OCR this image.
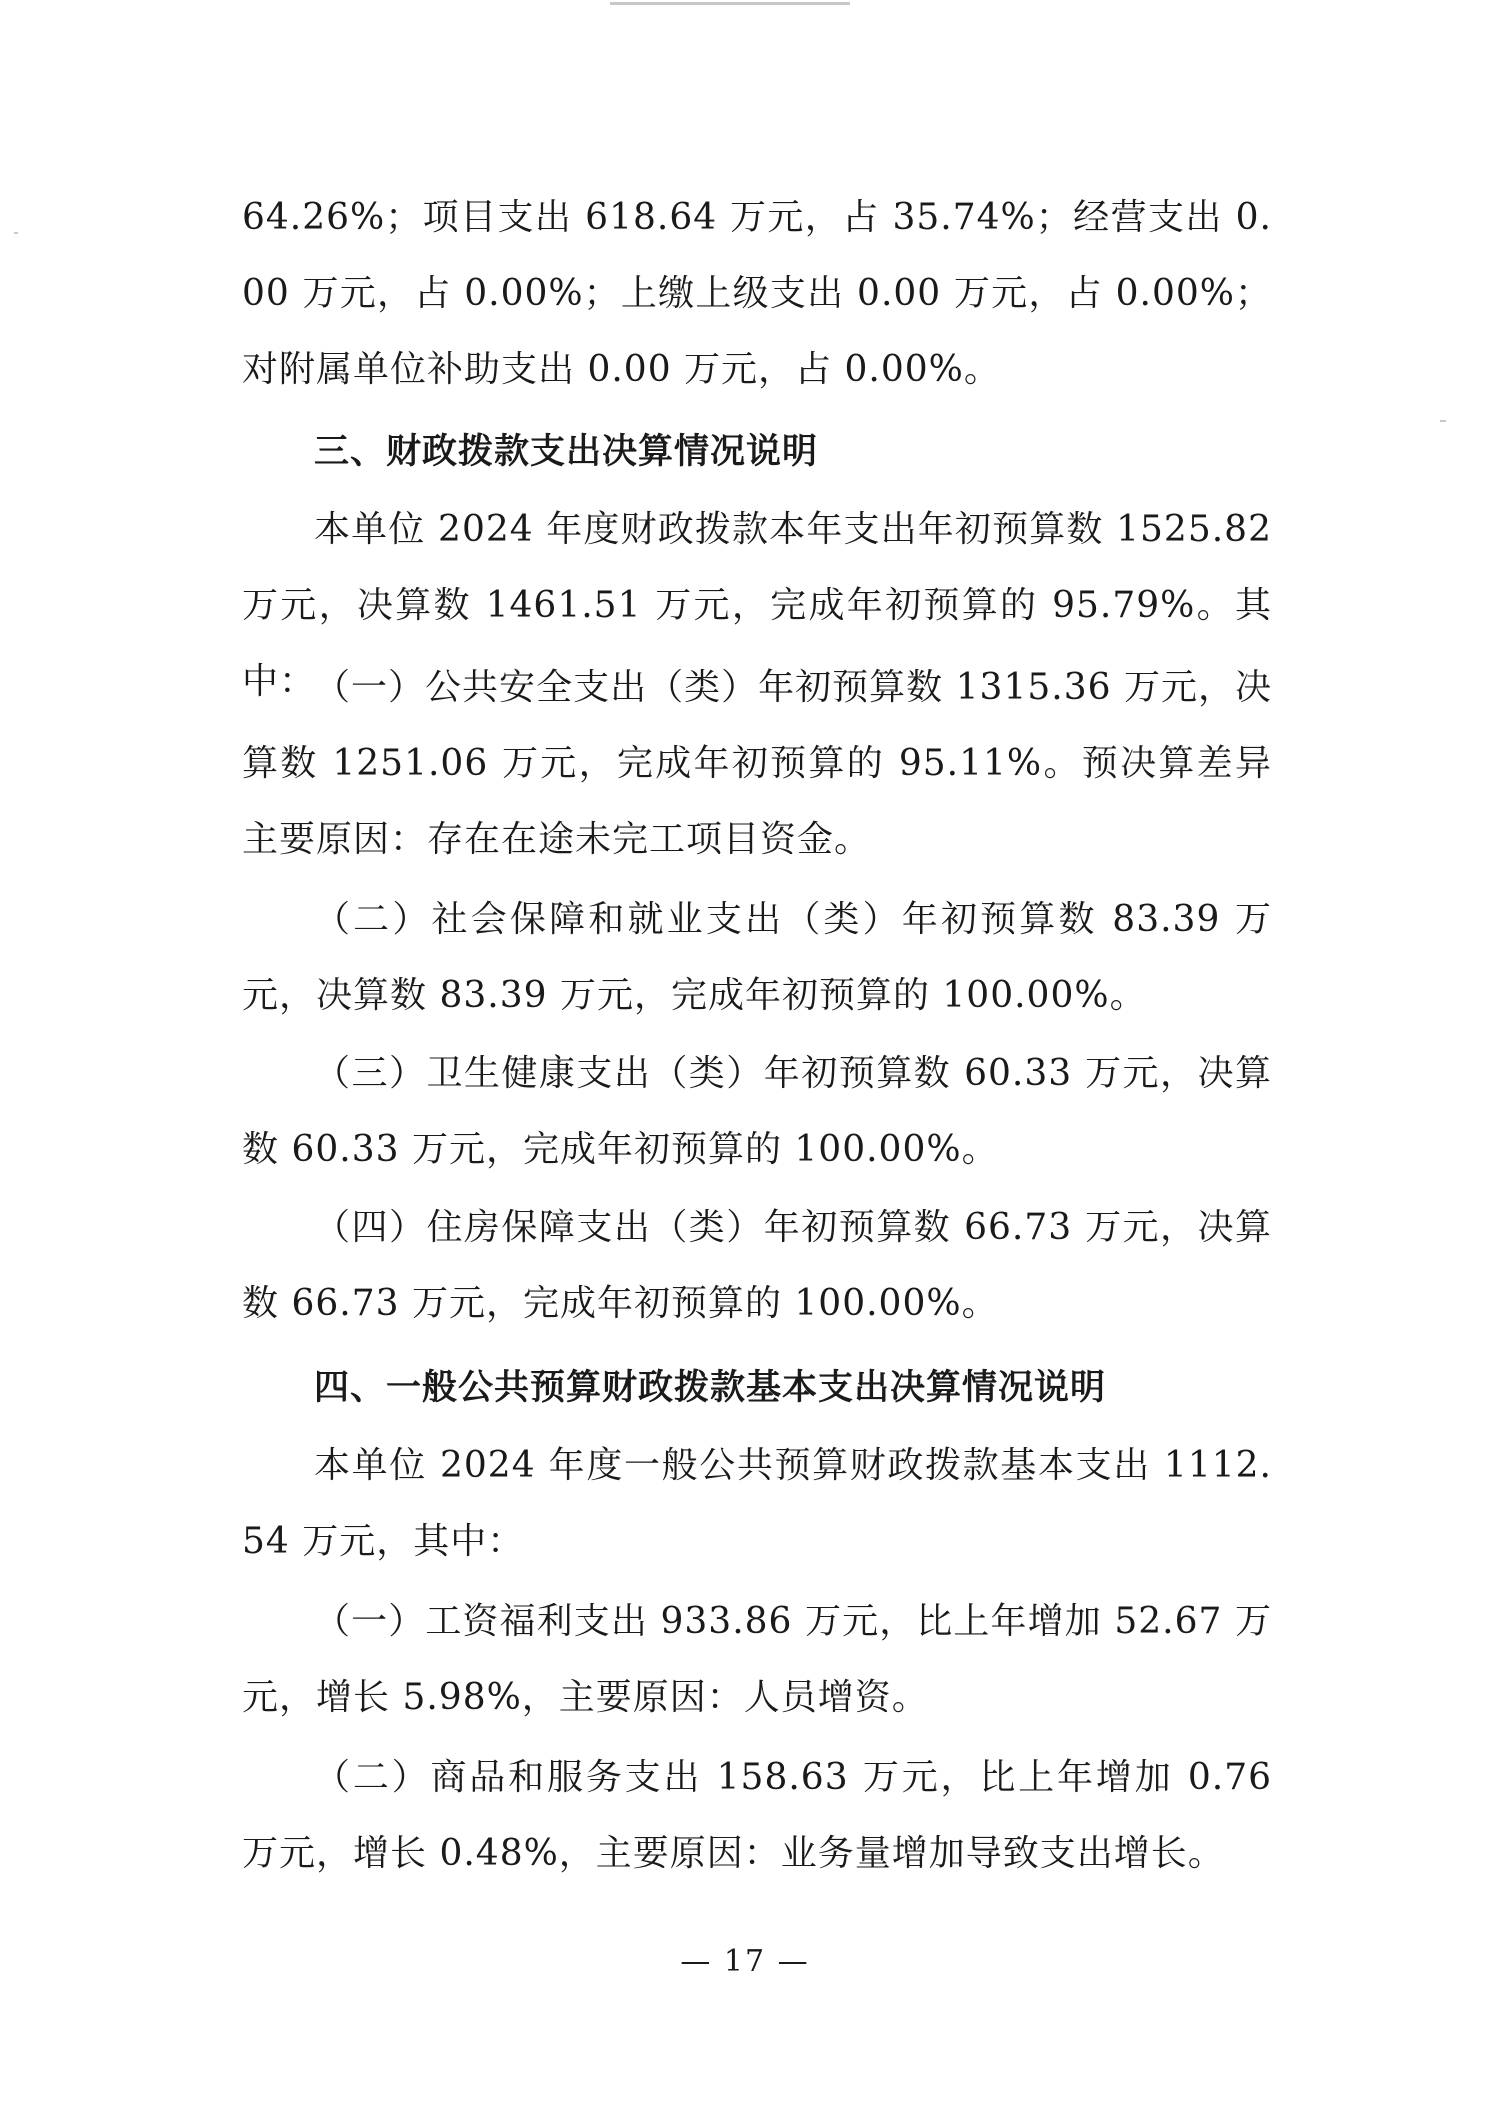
64.26%；项目支出 618.64 万元，占 35.74%；经营支出 0.00 万元，占 0.00%；上缴上级支出 0.00 万元，占 0.00%；对附属单位补助支出 0.00 万元，占 0.00%。

三、财政拨款支出决算情况说明

本单位 2024 年度财政拨款本年支出年初预算数 1525.82 万元，决算数 1461.51 万元，完成年初预算的 95.79%。其中：

（一）公共安全支出（类）年初预算数 1315.36 万元，决算数 1251.06 万元，完成年初预算的 95.11%。预决算差异主要原因：存在在途未完工项目资金。

（二）社会保障和就业支出（类）年初预算数 83.39 万元，决算数 83.39 万元，完成年初预算的 100.00%。

（三）卫生健康支出（类）年初预算数 60.33 万元，决算数 60.33 万元，完成年初预算的 100.00%。

（四）住房保障支出（类）年初预算数 66.73 万元，决算数 66.73 万元，完成年初预算的 100.00%。

四、一般公共预算财政拨款基本支出决算情况说明

本单位 2024 年度一般公共预算财政拨款基本支出 1112.54 万元，其中：

（一）工资福利支出 933.86 万元，比上年增加 52.67 万元，增长 5.98%，主要原因：人员增资。

（二）商品和服务支出 158.63 万元，比上年增加 0.76 万元，增长 0.48%，主要原因：业务量增加导致支出增长。

— 17 —
